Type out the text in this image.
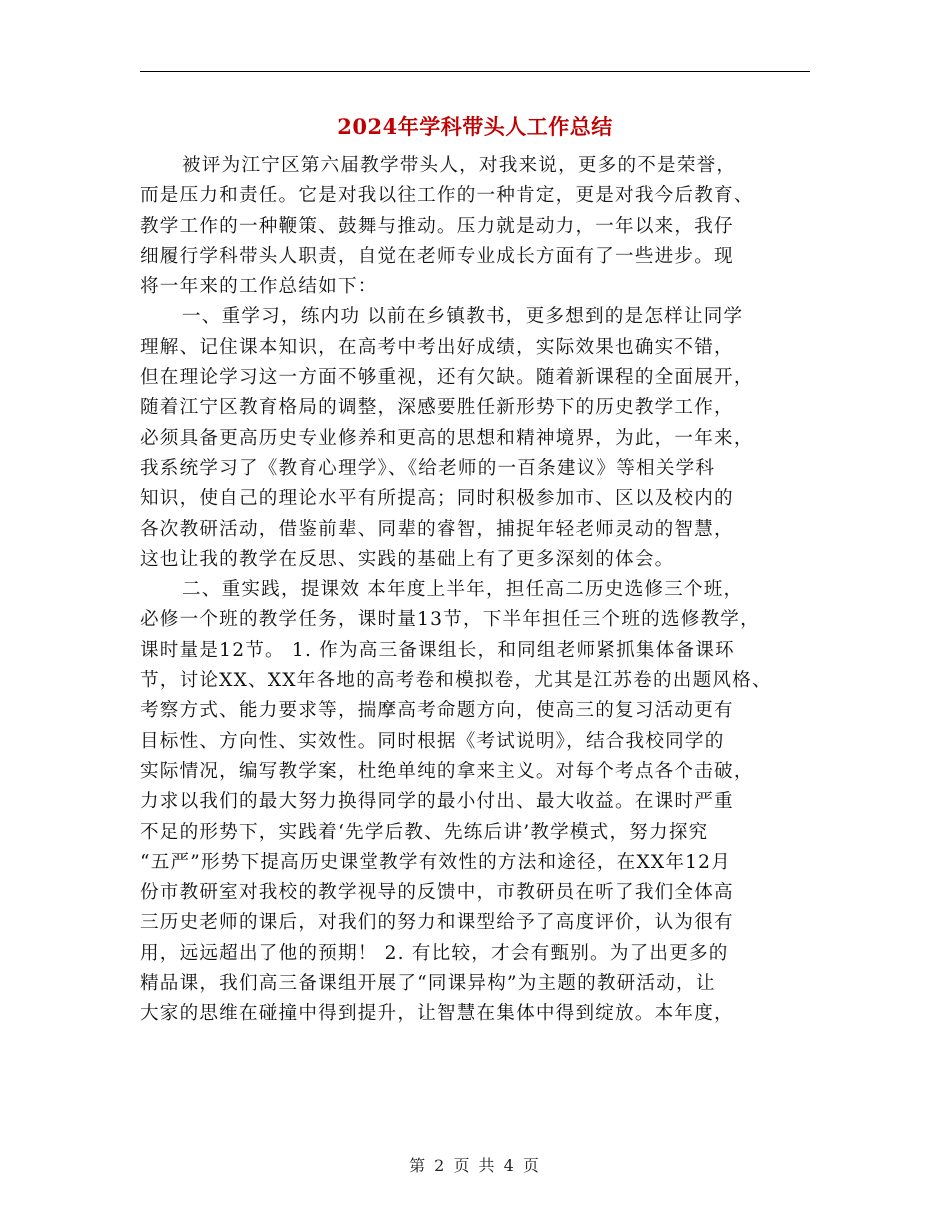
2024年学科带头人工作总结
被评为江宁区第六届教学带头人，对我来说，更多的不是荣誉，
而是压力和责任。它是对我以往工作的一种肯定，更是对我今后教育、
教学工作的一种鞭策、鼓舞与推动。压力就是动力，一年以来，我仔
细履行学科带头人职责，自觉在老师专业成长方面有了一些进步。现
将一年来的工作总结如下：
一、重学习，练内功 以前在乡镇教书，更多想到的是怎样让同学
理解、记住课本知识，在高考中考出好成绩，实际效果也确实不错，
但在理论学习这一方面不够重视，还有欠缺。随着新课程的全面展开，
随着江宁区教育格局的调整，深感要胜任新形势下的历史教学工作，
必须具备更高历史专业修养和更高的思想和精神境界，为此，一年来，
我系统学习了《教育心理学》、《给老师的一百条建议》等相关学科
知识，使自己的理论水平有所提高；同时积极参加市、区以及校内的
各次教研活动，借鉴前辈、同辈的睿智，捕捉年轻老师灵动的智慧，
这也让我的教学在反思、实践的基础上有了更多深刻的体会。
二、重实践，提课效 本年度上半年，担任高二历史选修三个班，
必修一个班的教学任务，课时量13节，下半年担任三个班的选修教学，
课时量是12节。 1. 作为高三备课组长，和同组老师紧抓集体备课环
节，讨论XX、XX年各地的高考卷和模拟卷，尤其是江苏卷的出题风格、
考察方式、能力要求等，揣摩高考命题方向，使高三的复习活动更有
目标性、方向性、实效性。同时根据《考试说明》，结合我校同学的
实际情况，编写教学案，杜绝单纯的拿来主义。对每个考点各个击破，
力求以我们的最大努力换得同学的最小付出、最大收益。在课时严重
不足的形势下，实践着‘先学后教、先练后讲’教学模式，努力探究
“五严”形势下提高历史课堂教学有效性的方法和途径，在XX年12月
份市教研室对我校的教学视导的反馈中，市教研员在听了我们全体高
三历史老师的课后，对我们的努力和课型给予了高度评价，认为很有
用，远远超出了他的预期！ 2. 有比较，才会有甄别。为了出更多的
精品课，我们高三备课组开展了“同课异构”为主题的教研活动，让
大家的思维在碰撞中得到提升，让智慧在集体中得到绽放。本年度，
第 2 页 共 4 页
